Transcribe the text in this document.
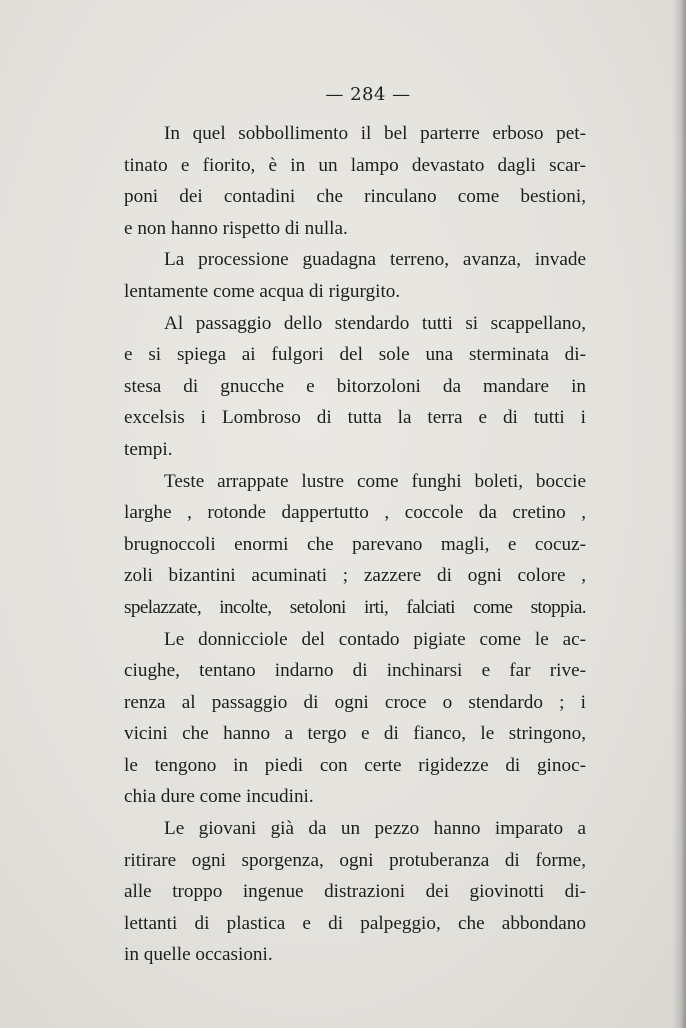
— 284 —
In quel sobbollimento il bel parterre erboso pet-
tinato e fiorito, è in un lampo devastato dagli scar-
poni dei contadini che rinculano come bestioni,
e non hanno rispetto di nulla.
La processione guadagna terreno, avanza, invade
lentamente come acqua di rigurgito.
Al passaggio dello stendardo tutti si scappellano,
e si spiega ai fulgori del sole una sterminata di-
stesa di gnucche e bitorzoloni da mandare in
excelsis i Lombroso di tutta la terra e di tutti i
tempi.
Teste arrappate lustre come funghi boleti, boccie
larghe , rotonde dappertutto , coccole da cretino ,
brugnoccoli enormi che parevano magli, e cocuz-
zoli bizantini acuminati ; zazzere di ogni colore ,
spelazzate, incolte, setoloni irti, falciati come stoppia.
Le donnicciole del contado pigiate come le ac-
ciughe, tentano indarno di inchinarsi e far rive-
renza al passaggio di ogni croce o stendardo ; i
vicini che hanno a tergo e di fianco, le stringono,
le tengono in piedi con certe rigidezze di ginoc-
chia dure come incudini.
Le giovani già da un pezzo hanno imparato a
ritirare ogni sporgenza, ogni protuberanza di forme,
alle troppo ingenue distrazioni dei giovinotti di-
lettanti di plastica e di palpeggio, che abbondano
in quelle occasioni.
